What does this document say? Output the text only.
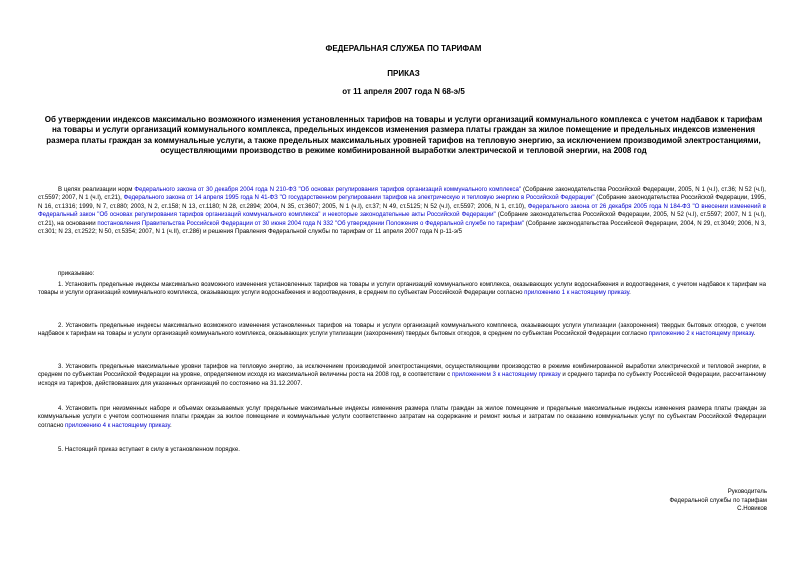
ФЕДЕРАЛЬНАЯ СЛУЖБА ПО ТАРИФАМ
ПРИКАЗ
от 11 апреля 2007 года N 68-э/5
Об утверждении индексов максимально возможного изменения установленных тарифов на товары и услуги организаций коммунального комплекса с учетом надбавок к тарифам на товары и услуги организаций коммунального комплекса, предельных индексов изменения размера платы граждан за жилое помещение и предельных индексов изменения размера платы граждан за коммунальные услуги, а также предельных максимальных уровней тарифов на тепловую энергию, за исключением производимой электростанциями, осуществляющими производство в режиме комбинированной выработки электрической и тепловой энергии, на 2008 год
В целях реализации норм Федерального закона от 30 декабря 2004 года N 210-ФЗ "Об основах регулирования тарифов организаций коммунального комплекса" (Собрание законодательства Российской Федерации, 2005, N 1 (ч.I), ст.36; N 52 (ч.I), ст.5597; 2007, N 1 (ч.I), ст.21), Федерального закона от 14 апреля 1995 года N 41-ФЗ "О государственном регулировании тарифов на электрическую и тепловую энергию в Российской Федерации" (Собрание законодательства Российской Федерации, 1995, N 16, ст.1316; 1999, N 7, ст.880; 2003, N 2, ст.158; N 13, ст.1180; N 28, ст.2894; 2004, N 35, ст.3607; 2005, N 1 (ч.I), ст.37; N 49, ст.5125; N 52 (ч.I), ст.5597; 2006, N 1, ст.10), Федерального закона от 26 декабря 2005 года N 184-ФЗ "О внесении изменений в Федеральный закон "Об основах регулирования тарифов организаций коммунального комплекса" и некоторые законодательные акты Российской Федерации" (Собрание законодательства Российской Федерации, 2005, N 52 (ч.I), ст.5597; 2007, N 1 (ч.I), ст.21), на основании постановления Правительства Российской Федерации от 30 июня 2004 года N 332 "Об утверждении Положения о Федеральной службе по тарифам" (Собрание законодательства Российской Федерации, 2004, N 29, ст.3049; 2006, N 3, ст.301; N 23, ст.2522; N 50, ст.5354; 2007, N 1 (ч.II), ст.286) и решения Правления Федеральной службы по тарифам от 11 апреля 2007 года N р-11-э/5
приказываю:
1. Установить предельные индексы максимально возможного изменения установленных тарифов на товары и услуги организаций коммунального комплекса, оказывающих услуги водоснабжения и водоотведения, с учетом надбавок к тарифам на товары и услуги организаций коммунального комплекса, оказывающих услуги водоснабжения и водоотведения, в среднем по субъектам Российской Федерации согласно приложению 1 к настоящему приказу.
2. Установить предельные индексы максимально возможного изменения установленных тарифов на товары и услуги организаций коммунального комплекса, оказывающих услуги утилизации (захоронения) твердых бытовых отходов, с учетом надбавок к тарифам на товары и услуги организаций коммунального комплекса, оказывающих услуги утилизации (захоронения) твердых бытовых отходов, в среднем по субъектам Российской Федерации согласно приложению 2 к настоящему приказу.
3. Установить предельные максимальные уровни тарифов на тепловую энергию, за исключением производимой электростанциями, осуществляющими производство в режиме комбинированной выработки электрической и тепловой энергии, в среднем по субъектам Российской Федерации на уровне, определяемом исходя из максимальной величины роста на 2008 год, в соответствии с приложением 3 к настоящему приказу и среднего тарифа по субъекту Российской Федерации, рассчитанному исходя из тарифов, действовавших для указанных организаций по состоянию на 31.12.2007.
4. Установить при неизменных наборе и объемах оказываемых услуг предельные максимальные индексы изменения размера платы граждан за жилое помещение и предельные максимальные индексы изменения размера платы граждан за коммунальные услуги с учетом соотношения платы граждан за жилое помещение и коммунальные услуги соответственно затратам на содержание и ремонт жилья и затратам по оказанию коммунальных услуг по субъектам Российской Федерации согласно приложению 4 к настоящему приказу.
5. Настоящий приказ вступает в силу в установленном порядке.
Руководитель
Федеральной службы по тарифам
С.Новиков
